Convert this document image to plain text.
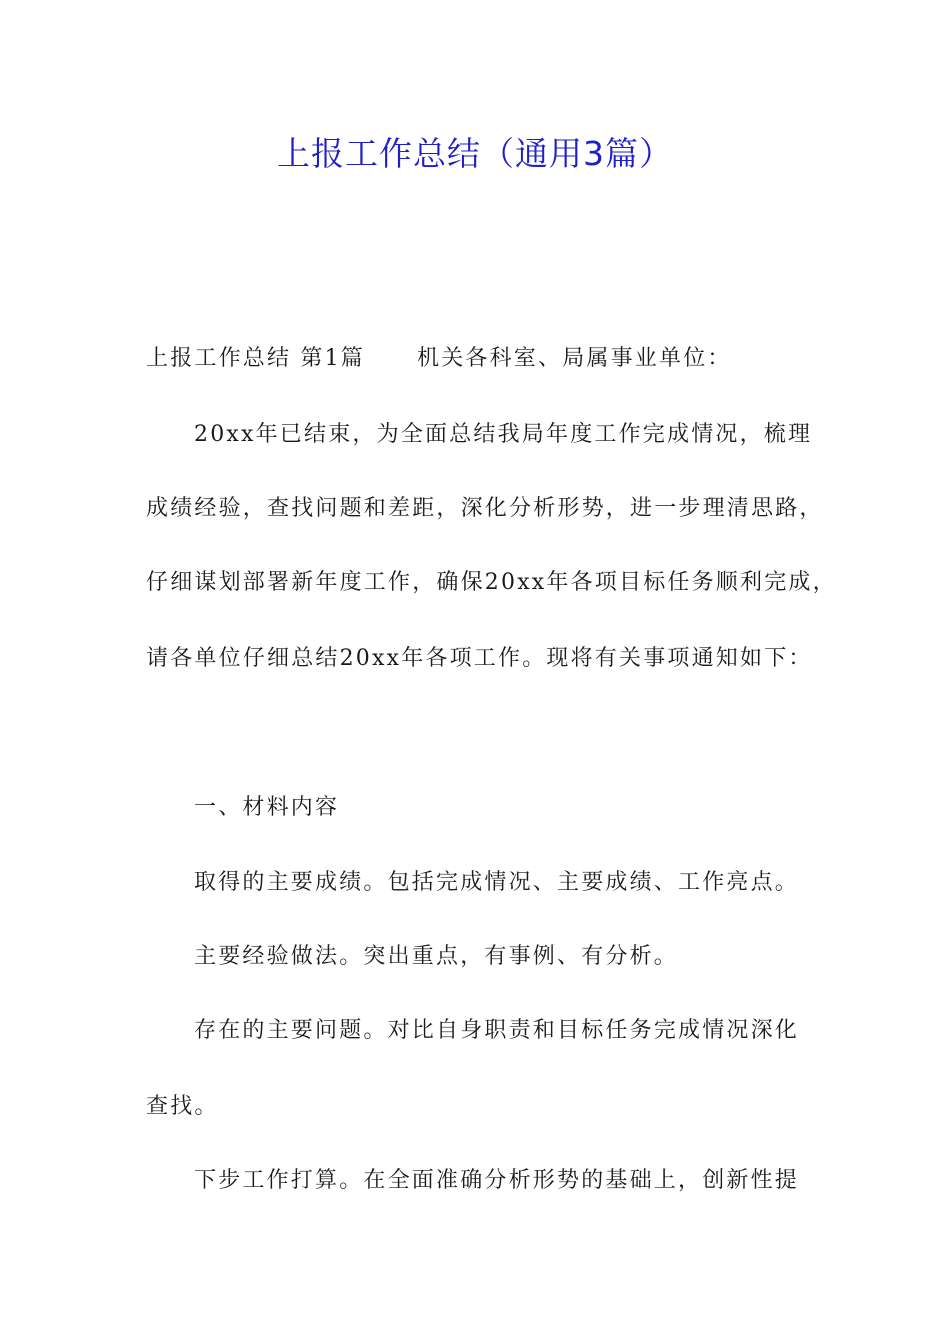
上报工作总结（通用3篇）

上报工作总结 第1篇 机关各科室、局属事业单位：

20xx年已结束，为全面总结我局年度工作完成情况，梳理

成绩经验，查找问题和差距，深化分析形势，进一步理清思路，

仔细谋划部署新年度工作，确保20xx年各项目标任务顺利完成，

请各单位仔细总结20xx年各项工作。现将有关事项通知如下：

一、材料内容

取得的主要成绩。包括完成情况、主要成绩、工作亮点。

主要经验做法。突出重点，有事例、有分析。

存在的主要问题。对比自身职责和目标任务完成情况深化

查找。

下步工作打算。在全面准确分析形势的基础上，创新性提
